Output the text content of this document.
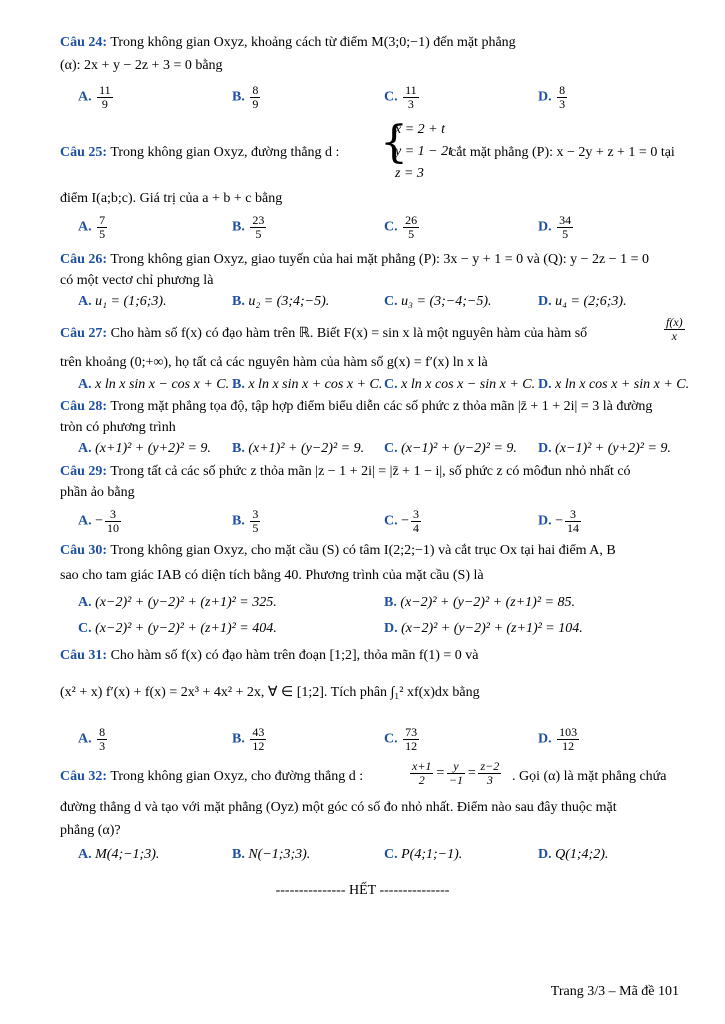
Câu 24: Trong không gian Oxyz, khoảng cách từ điểm M(3;0;−1) đến mặt phẳng
(α): 2x + y − 2z + 3 = 0 bằng
A. $\frac{11}{9}$	B. $\frac{8}{9}$	C. $\frac{11}{3}$	D. $\frac{8}{3}$
Câu 25: Trong không gian Oxyz, đường thẳng d : {
x = 2 + t
y = 1 − 2t
z = 3
cắt mặt phẳng (P): x − 2y + z + 1 = 0 tại
điểm I(a;b;c). Giá trị của a + b + c bằng
A. $\frac{7}{5}$	B. $\frac{23}{5}$	C. $\frac{26}{5}$	D. $\frac{34}{5}$
Câu 26: Trong không gian Oxyz, giao tuyến của hai mặt phẳng (P): 3x − y + 1 = 0 và (Q): y − 2z − 1 = 0
có một vectơ chỉ phương là
A. u₁ = (1;6;3).	B. u₂ = (3;4;−5).	C. u₃ = (3;−4;−5).	D. u₄ = (2;6;3).
Câu 27: Cho hàm số f(x) có đạo hàm trên ℝ. Biết F(x) = sin x là một nguyên hàm của hàm số	$\frac{f(x)}{x}$
trên khoảng (0;+∞), họ tất cả các nguyên hàm của hàm số g(x) = f′(x) ln x là
A. x ln x sin x − cos x + C. B. x ln x sin x + cos x + C. C. x ln x cos x − sin x + C. D. x ln x cos x + sin x + C.
Câu 28: Trong mặt phẳng tọa độ, tập hợp điểm biểu diễn các số phức z thỏa mãn |z̄ + 1 + 2i| = 3 là đường
tròn có phương trình
A. (x+1)² + (y+2)² = 9. B. (x+1)² + (y−2)² = 9. C. (x−1)² + (y−2)² = 9. D. (x−1)² + (y+2)² = 9.
Câu 29: Trong tất cả các số phức z thỏa mãn |z − 1 + 2i| = |z̄ + 1 − i|, số phức z có môđun nhỏ nhất có
phần ảo bằng
A. − $\frac{3}{10}$	B. $\frac{3}{5}$	C. − $\frac{3}{4}$	D. − $\frac{3}{14}$
Câu 30: Trong không gian Oxyz, cho mặt cầu (S) có tâm I(2;2;−1) và cắt trục Ox tại hai điểm A, B
sao cho tam giác IAB có diện tích bằng 40. Phương trình của mặt cầu (S) là
A. (x−2)² + (y−2)² + (z+1)² = 325.	B. (x−2)² + (y−2)² + (z+1)² = 85.
C. (x−2)² + (y−2)² + (z+1)² = 404.	D. (x−2)² + (y−2)² + (z+1)² = 104.
Câu 31: Cho hàm số f(x) có đạo hàm trên đoạn [1;2], thỏa mãn f(1) = 0 và
(x² + x) f′(x) + f(x) = 2x³ + 4x² + 2x, ∀ ∈ [1;2]. Tích phân ∫₁² xf(x)dx bằng
A. $\frac{8}{3}$	B. $\frac{43}{12}$	C. $\frac{73}{12}$	D. $\frac{103}{12}$
Câu 32: Trong không gian Oxyz, cho đường thẳng d :	$\frac{x+1}{2} = \frac{y}{-1} = \frac{z-2}{3}$ . Gọi (α) là mặt phẳng chứa
đường thẳng d và tạo với mặt phẳng (Oyz) một góc có số đo nhỏ nhất. Điểm nào sau đây thuộc mặt
phẳng (α)?
A. M(4;−1;3).	B. N(−1;3;3).	C. P(4;1;−1).	D. Q(1;4;2).
--------------- HẾT ---------------
Trang 3/3 – Mã đề 101
